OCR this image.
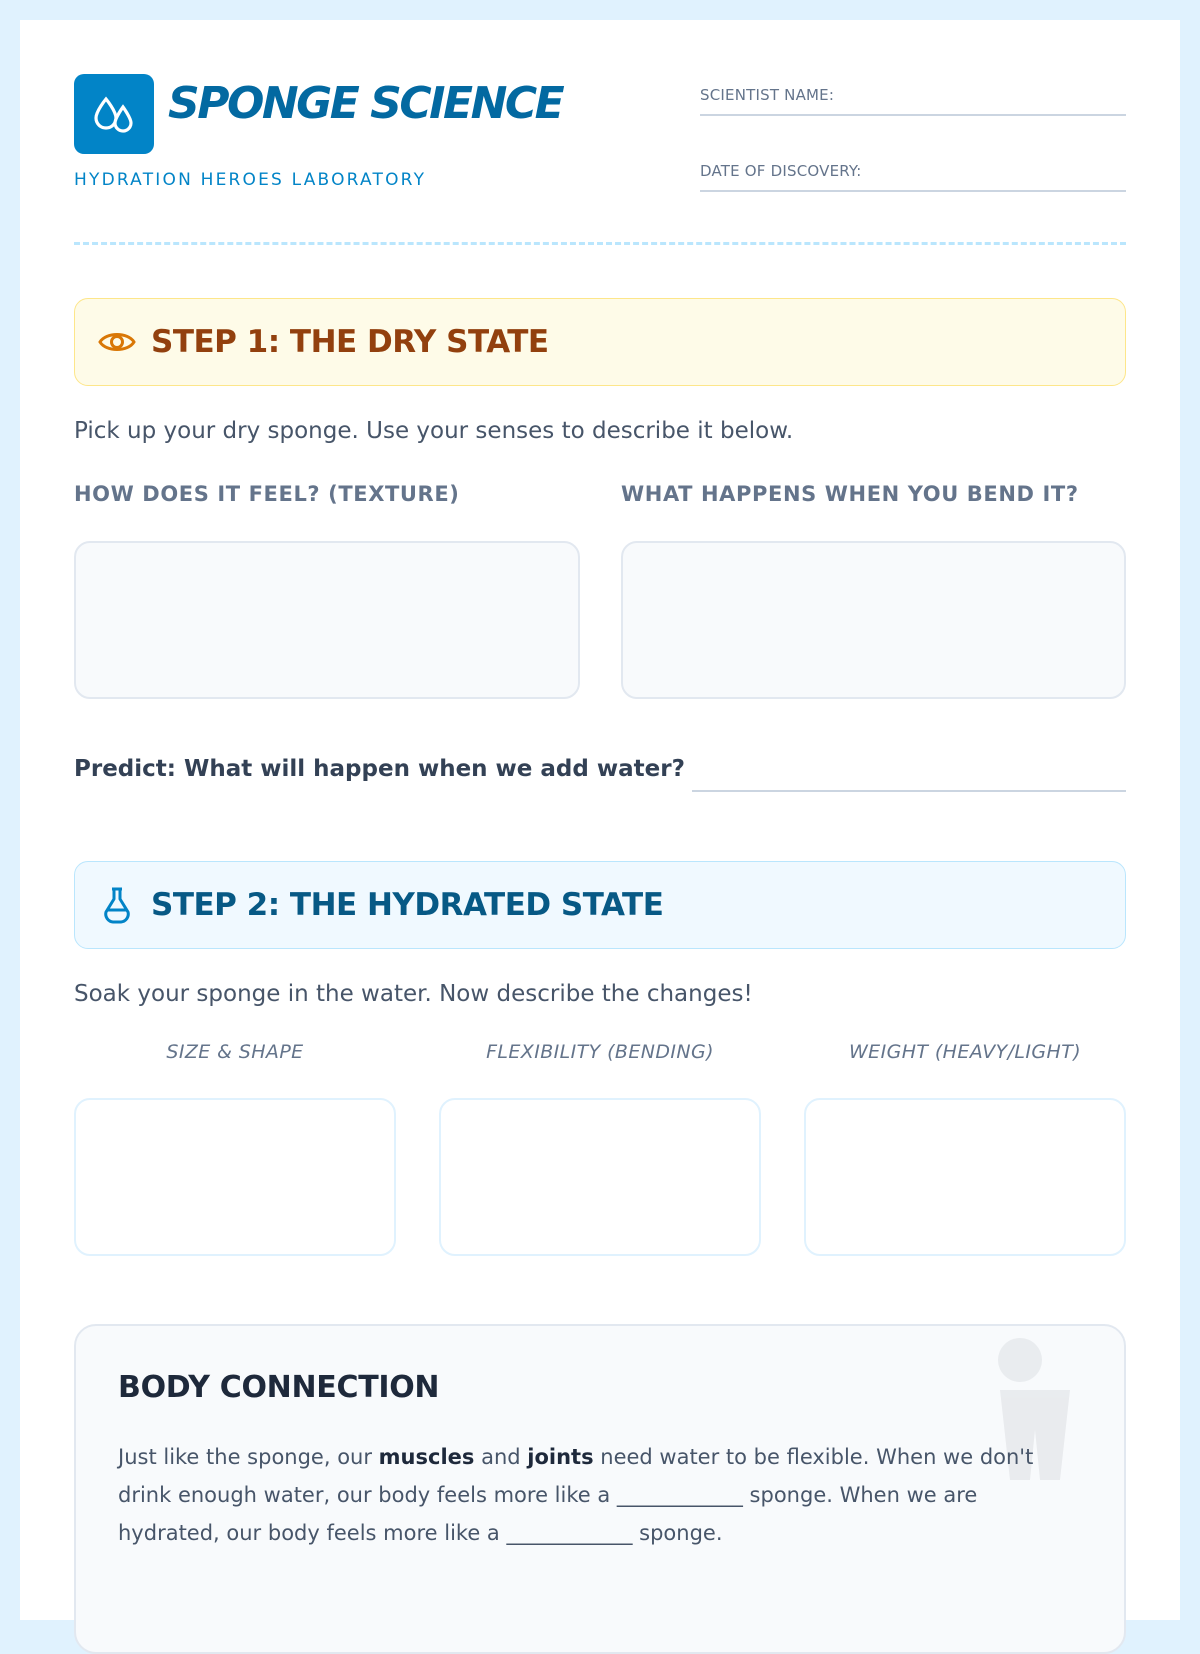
SPONGE SCIENCE
HYDRATION HEROES LABORATORY
SCIENTIST NAME:
DATE OF DISCOVERY:
STEP 1: THE DRY STATE
Pick up your dry sponge. Use your senses to describe it below.
HOW DOES IT FEEL? (TEXTURE)	WHAT HAPPENS WHEN YOU BEND IT?
Predict: What will happen when we add water?
STEP 2: THE HYDRATED STATE
Soak your sponge in the water. Now describe the changes!
SIZE & SHAPE	FLEXIBILITY (BENDING)	WEIGHT (HEAVY/LIGHT)
BODY CONNECTION
Just like the sponge, our muscles and joints need water to be flexible. When we don't drink enough water, our body feels more like a ____________ sponge. When we are hydrated, our body feels more like a ____________ sponge.
